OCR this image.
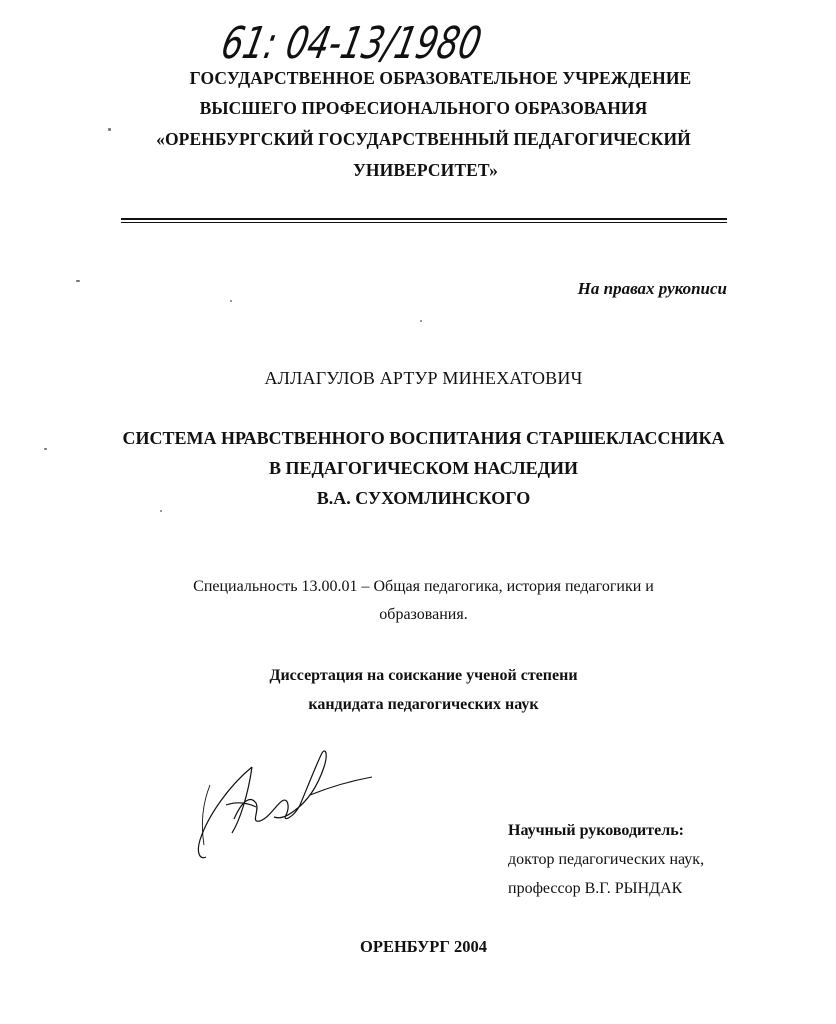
61: 04-13/1980
ГОСУДАРСТВЕННОЕ ОБРАЗОВАТЕЛЬНОЕ УЧРЕЖДЕНИЕ
ВЫСШЕГО ПРОФЕСИОНАЛЬНОГО ОБРАЗОВАНИЯ
«ОРЕНБУРГСКИЙ ГОСУДАРСТВЕННЫЙ ПЕДАГОГИЧЕСКИЙ
УНИВЕРСИТЕТ»
На правах рукописи
АЛЛАГУЛОВ АРТУР МИНЕХАТОВИЧ
СИСТЕМА НРАВСТВЕННОГО ВОСПИТАНИЯ СТАРШЕКЛАССНИКА
В ПЕДАГОГИЧЕСКОМ НАСЛЕДИИ
В.А. СУХОМЛИНСКОГО
Специальность 13.00.01 – Общая педагогика, история педагогики и
образования.
Диссертация на соискание ученой степени
кандидата педагогических наук
Научный руководитель:
доктор педагогических наук,
профессор В.Г. РЫНДАК
ОРЕНБУРГ 2004
